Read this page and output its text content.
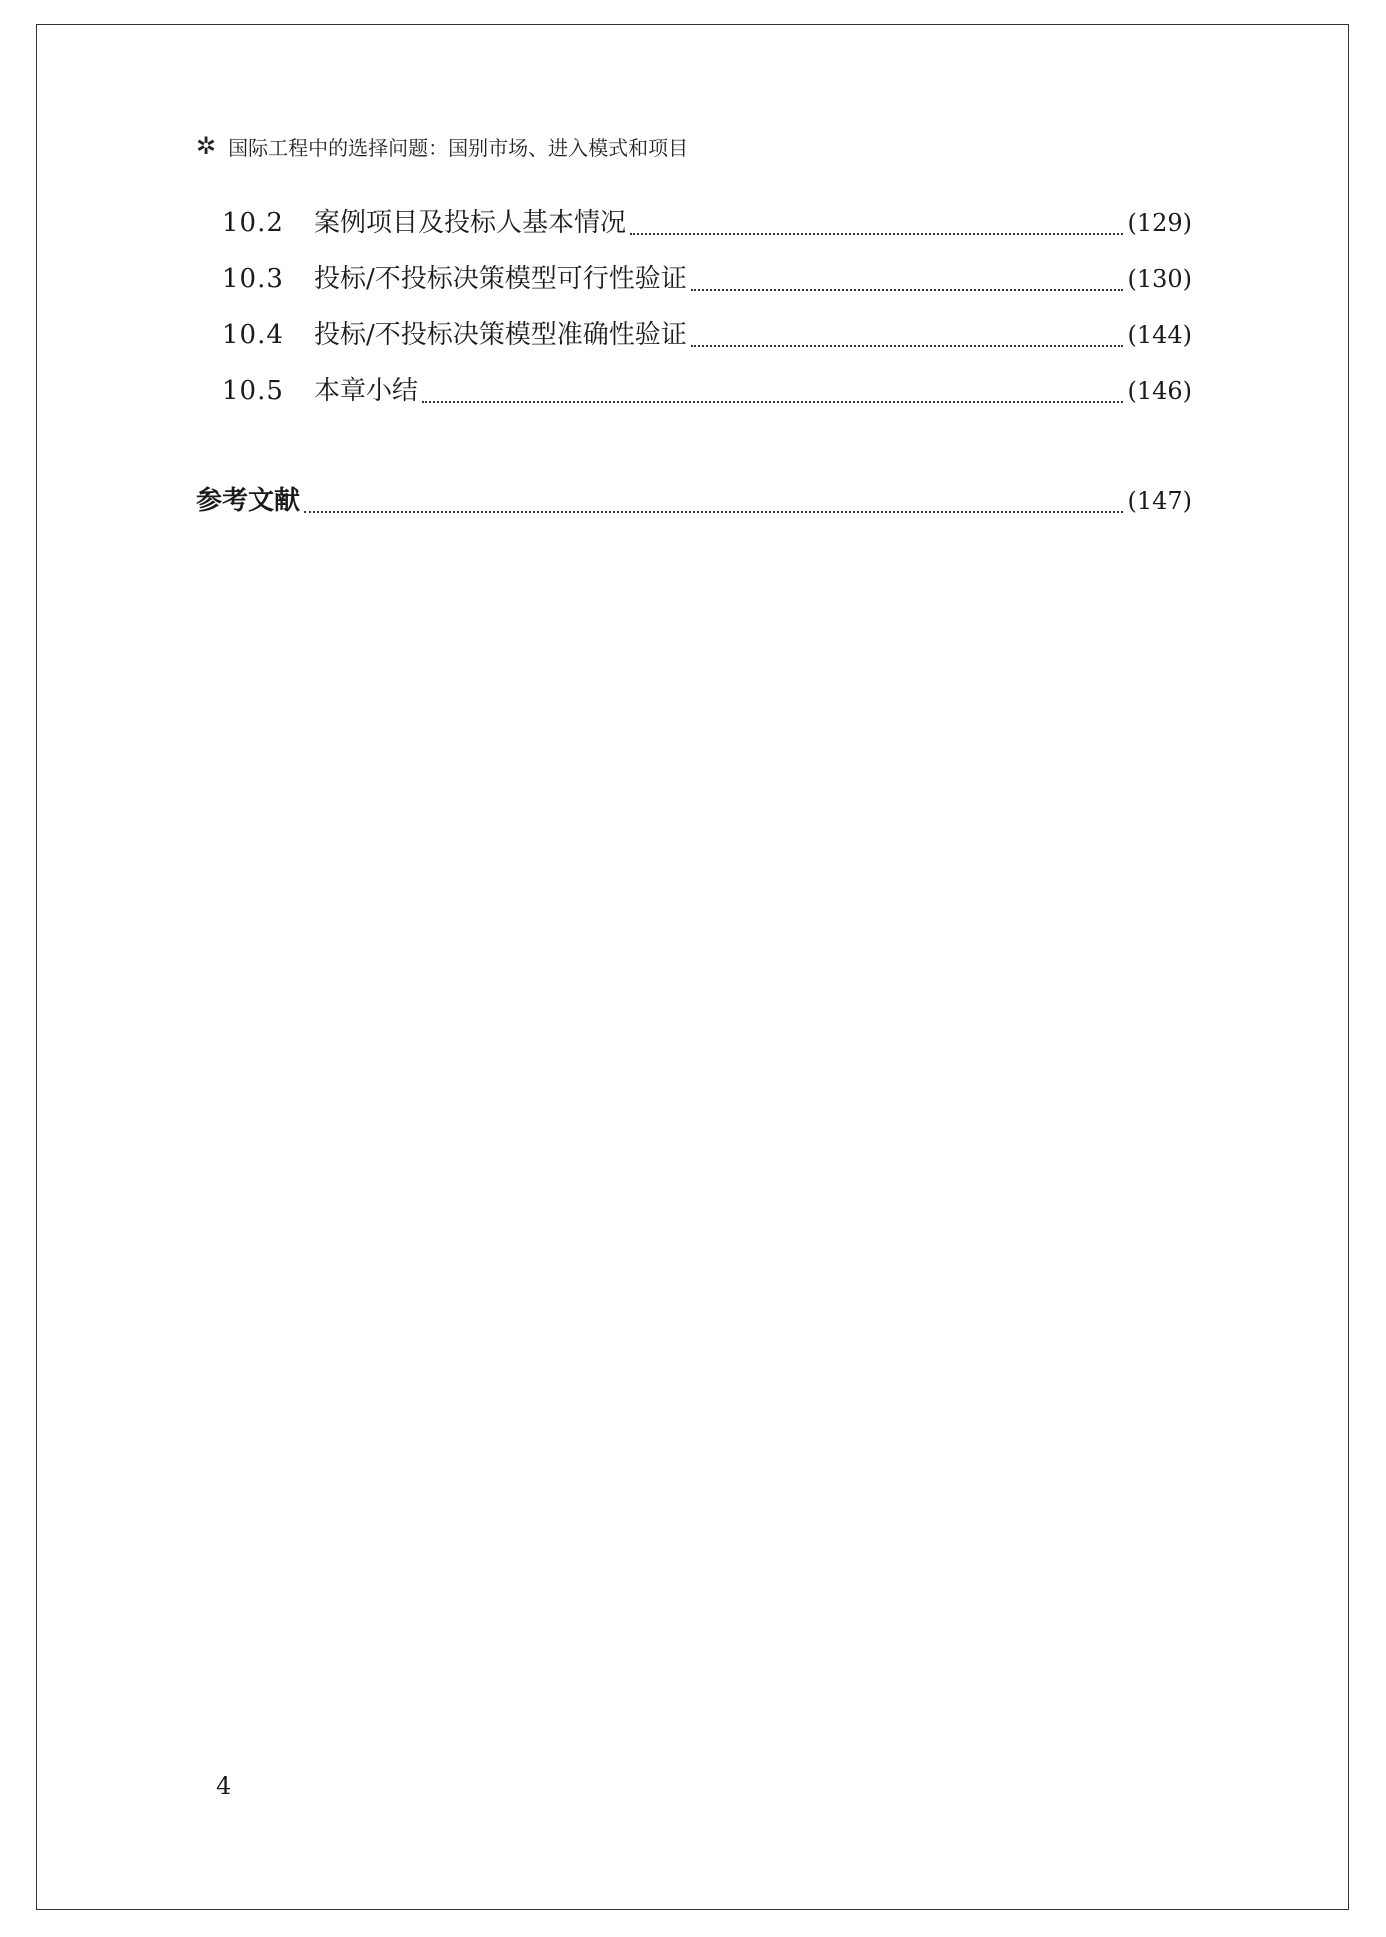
✲ 国际工程中的选择问题：国别市场、进入模式和项目
10.2	案例项目及投标人基本情况	(129)
10.3	投标/不投标决策模型可行性验证	(130)
10.4	投标/不投标决策模型准确性验证	(144)
10.5	本章小结	(146)
参考文献	(147)
4
